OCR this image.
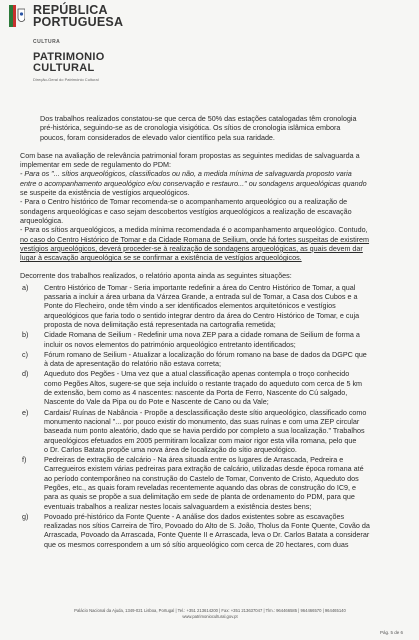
REPÚBLICA
PORTUGUESA
CULTURA
PATRIMONIO
CULTURAL
Direção-Geral do Património Cultural
Dos trabalhos realizados constatou-se que cerca de 50% das estações catalogadas têm cronologia
pré-histórica, seguindo-se as de cronologia visigótica. Os sítios de cronologia islâmica embora
poucos, foram considerados de elevado valor científico pela sua raridade.
Com base na avaliação de relevância patrimonial foram propostas as seguintes medidas de salvaguarda a
implementar em sede de regulamento do PDM:
- Para os "... sítios arqueológicos, classificados ou não, a medida mínima de salvaguarda proposto varia
entre o acompanhamento arqueológico e/ou conservação e restauro..." ou sondagens arqueológicas quando
se suspeite da existência de vestígios arqueológicos.
- Para o Centro histórico de Tomar recomenda-se o acompanhamento arqueológico ou a realização de
sondagens arqueológicas e caso sejam descobertos vestígios arqueológicos a realização de escavação
arqueológica.
- Para os sítios arqueológicos, a medida mínima recomendada é o acompanhamento arqueológico. Contudo,
no caso do Centro Histórico de Tomar e da Cidade Romana de Seilium, onde há fortes suspeitas de existirem
vestígios arqueológicos, deverá proceder-se à realização de sondagens arqueológicas, as quais devem dar
lugar à escavação arqueológica se se confirmar a existência de vestígios arqueológicos.
Decorrente dos trabalhos realizados, o relatório aponta ainda as seguintes situações:
a)	Centro Histórico de Tomar - Seria importante redefinir a área do Centro Histórico de Tomar, a qual
passaria a incluir a área urbana da Várzea Grande, a entrada sul de Tomar, a Casa dos Cubos e a
Ponte do Flecheiro, onde têm vindo a ser identificados elementos arquitetónicos e vestígios
arqueológicos que faria todo o sentido integrar dentro da área do Centro Histórico de Tomar, e cuja
proposta de nova delimitação está representada na cartografia remetida;
b)	Cidade Romana de Seilium - Redefinir uma nova ZEP para a cidade romana de Seilium de forma a
incluir os novos elementos do património arqueológico entretanto identificados;
c)	Fórum romano de Seilium - Atualizar a localização do fórum romano na base de dados da DGPC que
à data de apresentação do relatório não estava correta;
d)	Aqueduto dos Pegões - Uma vez que a atual classificação apenas contempla o troço conhecido
como Pegões Altos, sugere-se que seja incluído o restante traçado do aqueduto com cerca de 5 km
de extensão, bem como as 4 nascentes: nascente da Porta de Ferro, Nascente do Cú salgado,
Nascente do Vale da Pipa ou do Pote e Nascente de Cano ou da Vale;
e)	Cardais/ Ruínas de Nabância - Propõe a desclassificação deste sítio arqueológico, classificado como
monumento nacional "... por pouco existir do monumento, das suas ruínas e com uma ZEP circular
baseada num ponto aleatório, dado que se havia perdido por completo a sua localização." Trabalhos
arqueológicos efetuados em 2005 permitiram localizar com maior rigor esta villa romana, pelo que
o Dr. Carlos Batata propõe uma nova área de localização do sítio arqueológico.
f)	Pedreiras de extração de calcário - Na área situada entre os lugares de Arrascada, Pedreira e
Carregueiros existem várias pedreiras para extração de calcário, utilizadas desde época romana até
ao período contemporâneo na construção do Castelo de Tomar, Convento de Cristo, Aqueduto dos
Pegões, etc., as quais foram reveladas recentemente aquando das obras de construção do IC9, e
para as quais se propõe a sua delimitação em sede de planta de ordenamento do PDM, para que
eventuais trabalhos a realizar nestes locais salvaguardem a existência destes bens;
g)	Povoado pré-histórico da Fonte Quente - A análise dos dados existentes sobre as escavações
realizadas nos sítios Carreira de Tiro, Povoado do Alto de S. João, Tholus da Fonte Quente, Covão da
Arrascada, Povoado da Arrascada, Fonte Quente II e Arrascada, leva o Dr. Carlos Batata a considerar
que os mesmos correspondem a um só sítio arqueológico com cerca de 20 hectares, com duas
Palácio Nacional da Ajuda, 1349-021 Lisboa, Portugal | Tel.: +351 213614200 | Fax: +351 213637047 | Tlm.: 964466585 | 964466570 | 964465140
www.patrimoniocultural.gov.pt
Pág. 5 de 6
